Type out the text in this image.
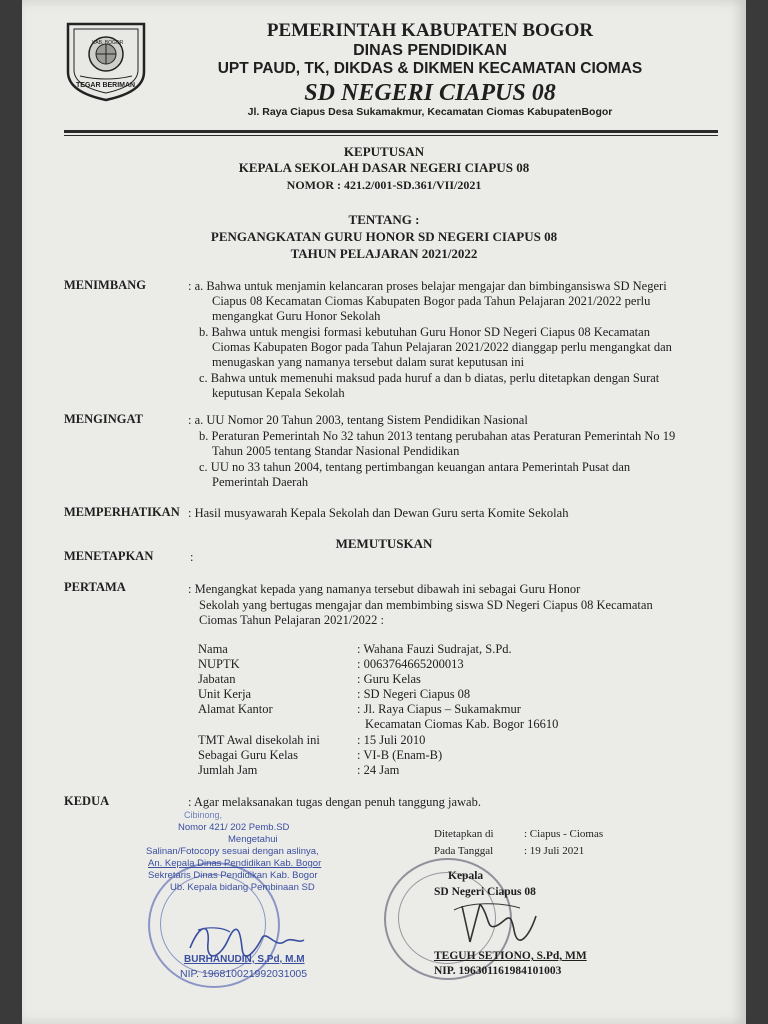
TEGAR BERIMAN
KAB. BOGOR
PEMERINTAH KABUPATEN BOGOR
DINAS PENDIDIKAN
UPT PAUD, TK, DIKDAS & DIKMEN KECAMATAN CIOMAS
SD NEGERI CIAPUS 08
Jl. Raya Ciapus Desa Sukamakmur, Kecamatan Ciomas KabupatenBogor
KEPUTUSAN
KEPALA SEKOLAH DASAR NEGERI CIAPUS 08
NOMOR : 421.2/001-SD.361/VII/2021
TENTANG :
PENGANGKATAN GURU HONOR SD NEGERI CIAPUS 08
TAHUN PELAJARAN 2021/2022
MENIMBANG	: a. Bahwa untuk menjamin kelancaran proses belajar mengajar dan bimbingansiswa SD Negeri
Ciapus 08 Kecamatan Ciomas Kabupaten Bogor pada Tahun Pelajaran 2021/2022 perlu
mengangkat Guru Honor Sekolah
b. Bahwa untuk mengisi formasi kebutuhan Guru Honor SD Negeri Ciapus 08 Kecamatan
Ciomas Kabupaten Bogor pada Tahun Pelajaran 2021/2022 dianggap perlu mengangkat dan
menugaskan yang namanya tersebut dalam surat keputusan ini
c. Bahwa untuk memenuhi maksud pada huruf a dan b diatas, perlu ditetapkan dengan Surat
keputusan Kepala Sekolah
MENGINGAT	: a. UU Nomor 20 Tahun 2003, tentang Sistem Pendidikan Nasional
b. Peraturan Pemerintah No 32 tahun 2013 tentang perubahan atas Peraturan Pemerintah No 19
Tahun 2005 tentang Standar Nasional Pendidikan
c. UU no 33 tahun 2004, tentang pertimbangan keuangan antara Pemerintah Pusat dan
Pemerintah Daerah
MEMPERHATIKAN : Hasil musyawarah Kepala Sekolah dan Dewan Guru serta Komite Sekolah
MEMUTUSKAN
MENETAPKAN	:
PERTAMA	: Mengangkat kepada yang namanya tersebut dibawah ini sebagai Guru Honor
Sekolah yang bertugas mengajar dan membimbing siswa SD Negeri Ciapus 08 Kecamatan
Ciomas Tahun Pelajaran 2021/2022 :
Nama	: Wahana Fauzi Sudrajat, S.Pd.
NUPTK	: 0063764665200013
Jabatan	: Guru Kelas
Unit Kerja	: SD Negeri Ciapus 08
Alamat Kantor	: Jl. Raya Ciapus – Sukamakmur
Kecamatan Ciomas Kab. Bogor 16610
TMT Awal disekolah ini	: 15 Juli 2010
Sebagai Guru Kelas	: VI-B (Enam-B)
Jumlah Jam	: 24 Jam
KEDUA	: Agar melaksanakan tugas dengan penuh tanggung jawab.
Cibinong,
Nomor 421/ 202 Pemb.SD
Mengetahui
Salinan/Fotocopy sesuai dengan aslinya,
An. Kepala Dinas Pendidikan Kab. Bogor
Sekretaris Dinas Pendidikan Kab. Bogor
Ub. Kepala bidang Pembinaan SD
BURHANUDIN, S.Pd, M.M
NIP. 196810021992031005
Ditetapkan di	: Ciapus - Ciomas
Pada Tanggal	: 19 Juli 2021
Kepala
SD Negeri Ciapus 08
TEGUH SETIONO, S.Pd, MM
NIP. 196301161984101003
